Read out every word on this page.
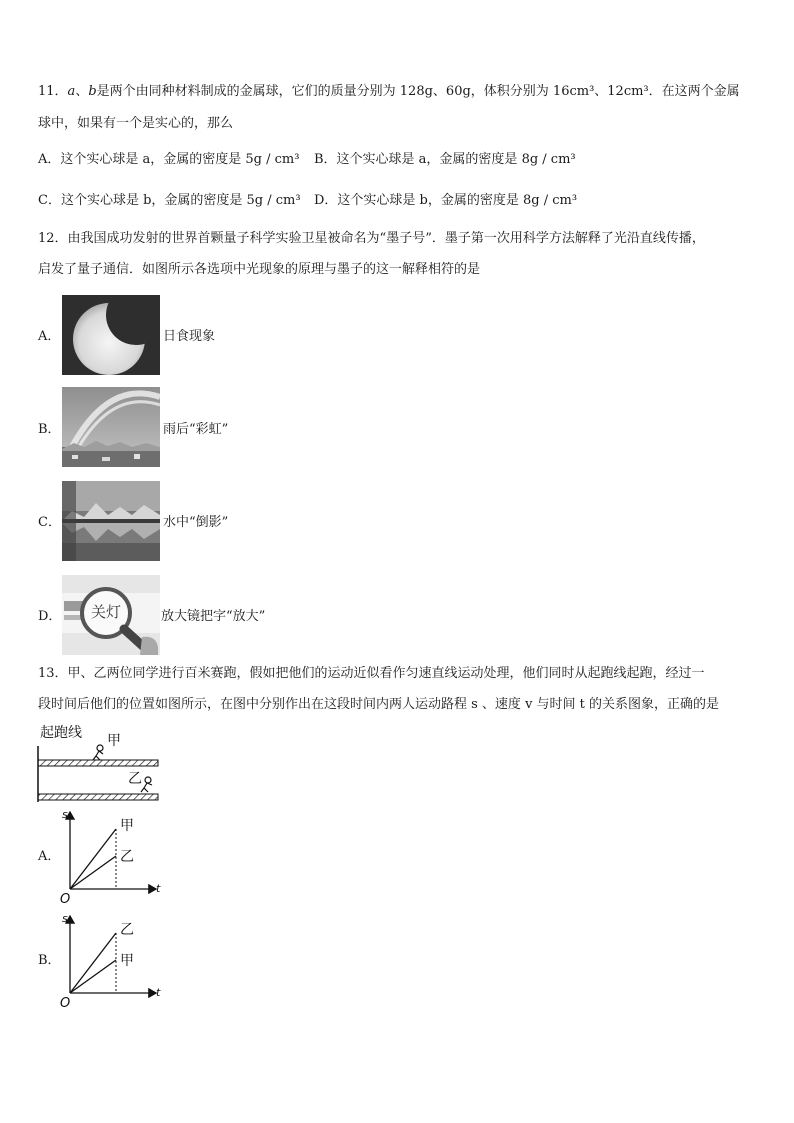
11．a、b是两个由同种材料制成的金属球，它们的质量分别为 128g、60g，体积分别为 16cm³、12cm³．在这两个金属
球中，如果有一个是实心的，那么
A．这个实心球是 a，金属的密度是 5g / cm³ B．这个实心球是 a，金属的密度是 8g / cm³
C．这个实心球是 b，金属的密度是 5g / cm³ D．这个实心球是 b，金属的密度是 8g / cm³
12．由我国成功发射的世界首颗量子科学实验卫星被命名为“墨子号”．墨子第一次用科学方法解释了光沿直线传播，
启发了量子通信．如图所示各选项中光现象的原理与墨子的这一解释相符的是
A．	日食现象
B．	雨后“彩虹”
C．	水中“倒影”
D． 关灯	放大镜把字“放大”
13．甲、乙两位同学进行百米赛跑，假如把他们的运动近似看作匀速直线运动处理，他们同时从起跑线起跑，经过一
段时间后他们的位置如图所示，在图中分别作出在这段时间内两人运动路程 s 、速度 v 与时间 t 的关系图象，正确的是
起跑线 甲
乙
A．
s
t
O
甲
乙
B．
s
t
O
乙
甲
